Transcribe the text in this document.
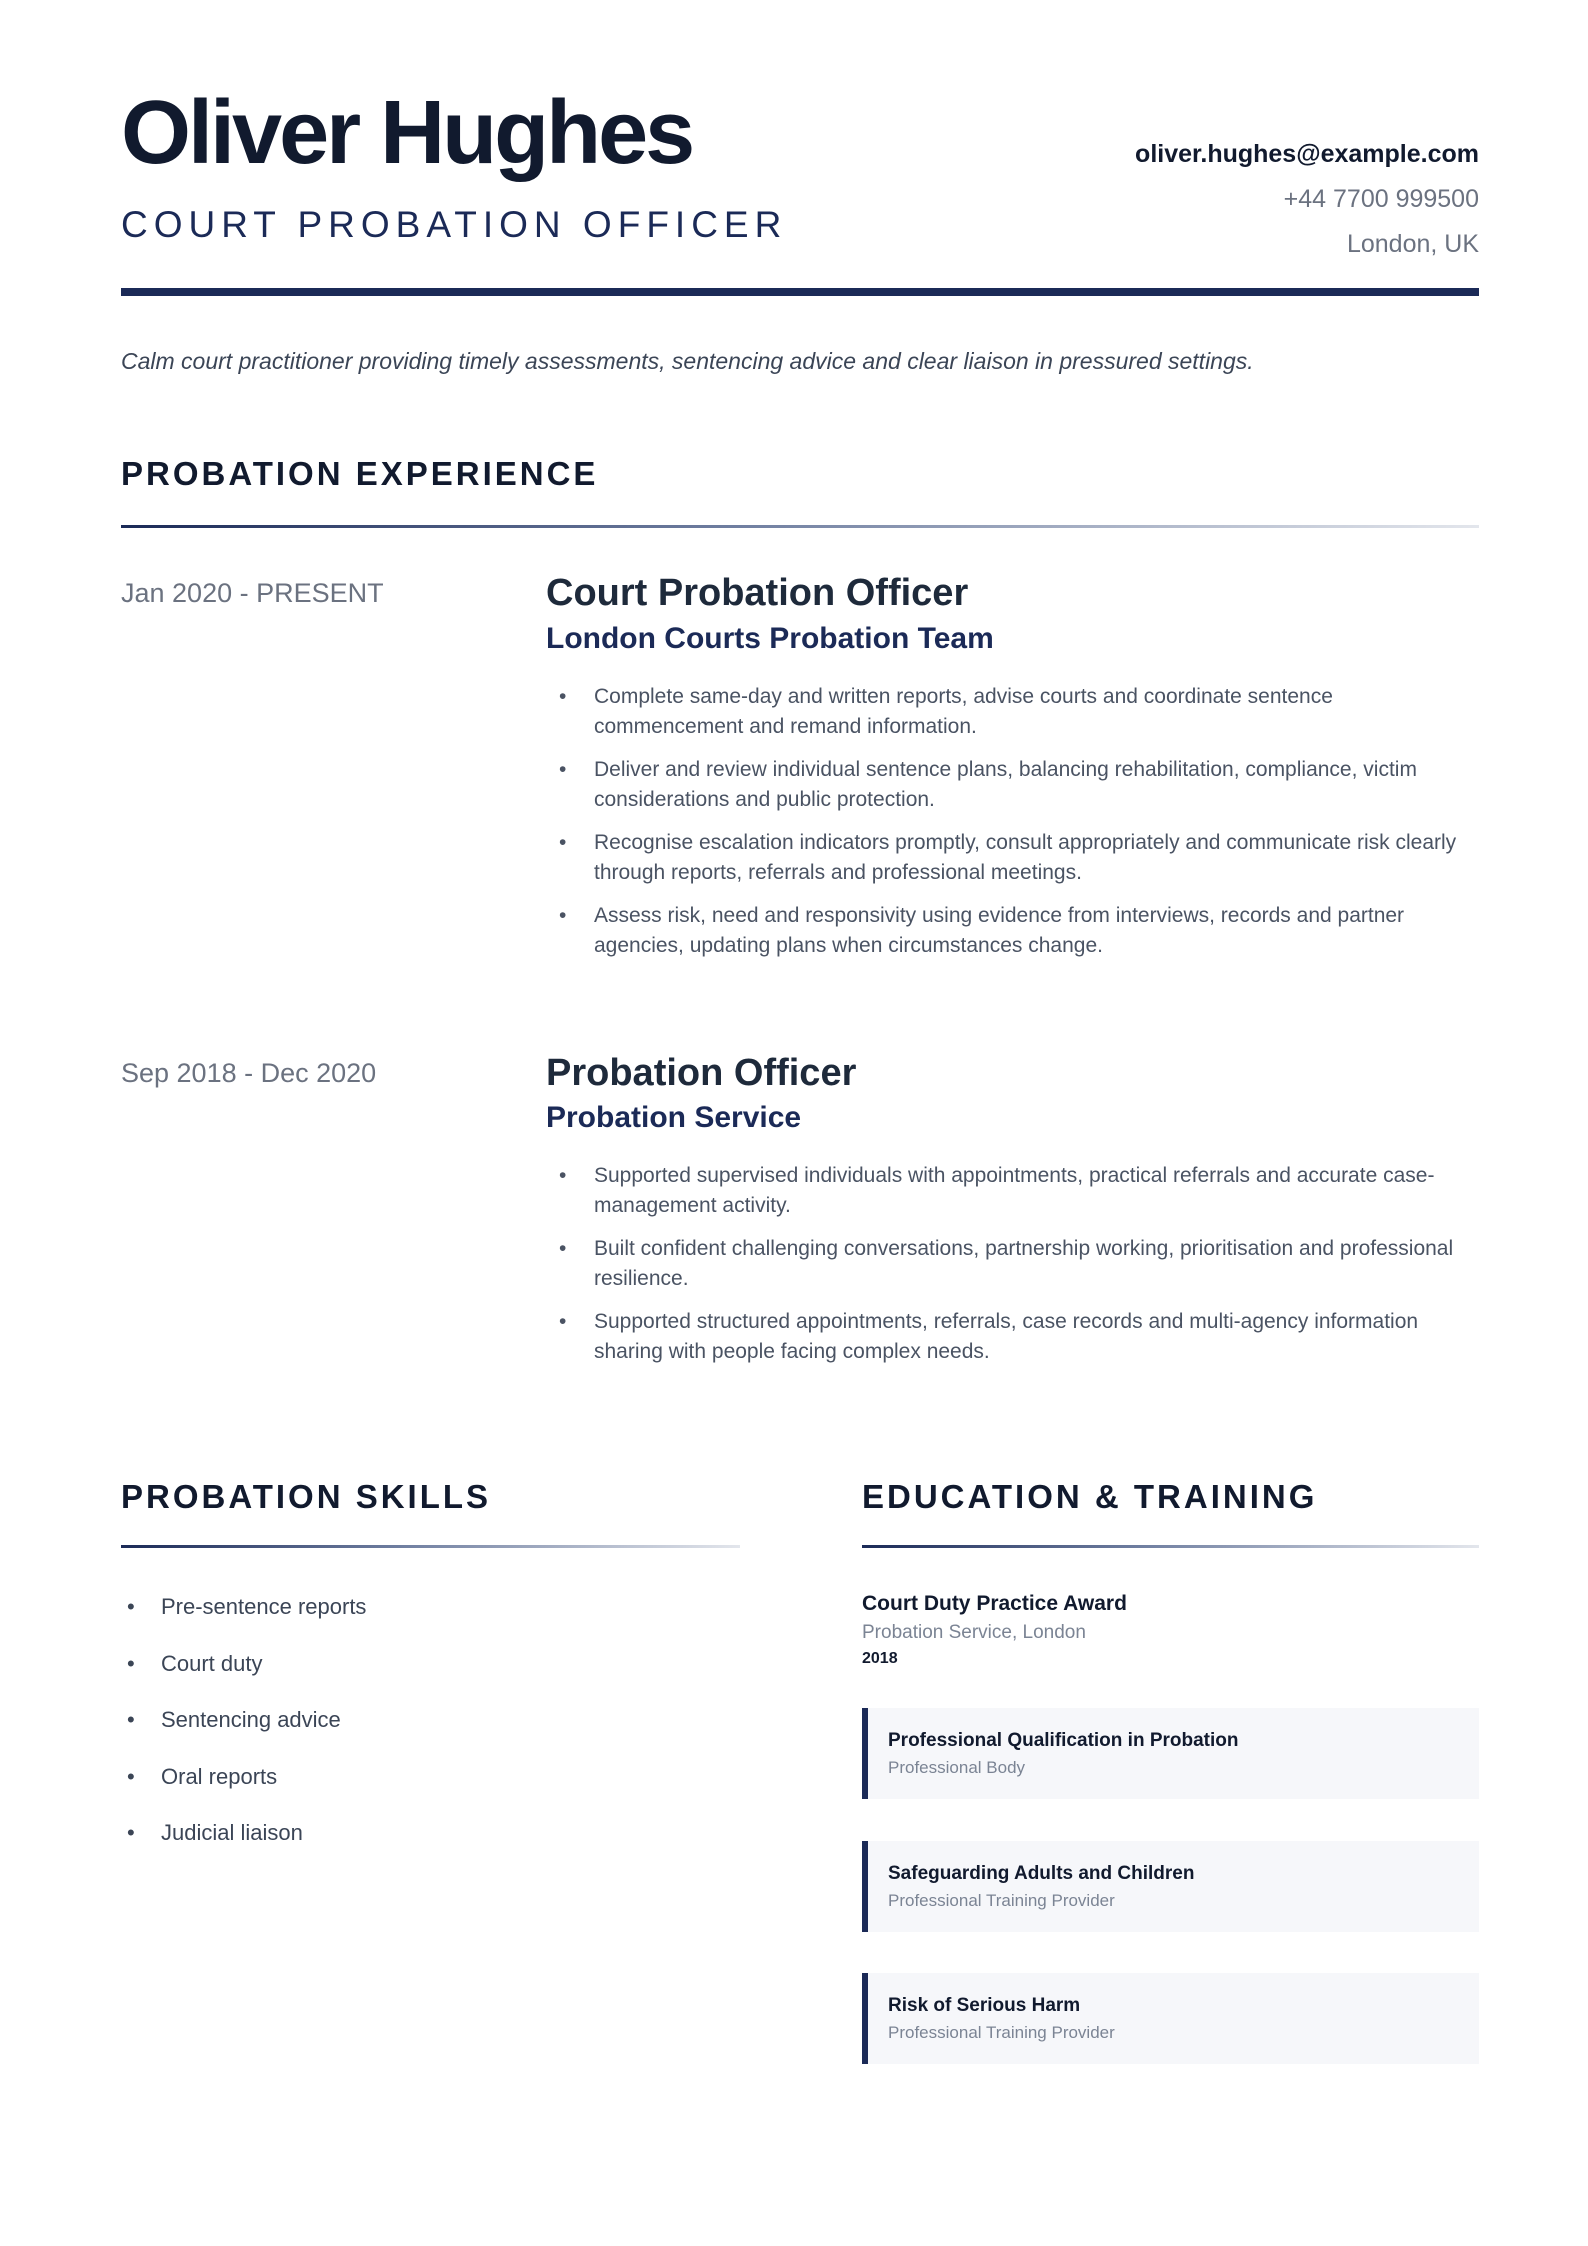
Oliver Hughes
COURT PROBATION OFFICER
oliver.hughes@example.com
+44 7700 999500
London, UK

Calm court practitioner providing timely assessments, sentencing advice and clear liaison in pressured settings.

PROBATION EXPERIENCE
Jan 2020 - PRESENT	Court Probation Officer
London Courts Probation Team
• Complete same-day and written reports, advise courts and coordinate sentence commencement and remand information.
• Deliver and review individual sentence plans, balancing rehabilitation, compliance, victim considerations and public protection.
• Recognise escalation indicators promptly, consult appropriately and communicate risk clearly through reports, referrals and professional meetings.
• Assess risk, need and responsivity using evidence from interviews, records and partner agencies, updating plans when circumstances change.
Sep 2018 - Dec 2020	Probation Officer
Probation Service
• Supported supervised individuals with appointments, practical referrals and accurate case-management activity.
• Built confident challenging conversations, partnership working, prioritisation and professional resilience.
• Supported structured appointments, referrals, case records and multi-agency information sharing with people facing complex needs.
PROBATION SKILLS
• Pre-sentence reports
• Court duty
• Sentencing advice
• Oral reports
• Judicial liaison
EDUCATION & TRAINING
Court Duty Practice Award
Probation Service, London
2018
Professional Qualification in Probation
Professional Body
Safeguarding Adults and Children
Professional Training Provider
Risk of Serious Harm
Professional Training Provider
